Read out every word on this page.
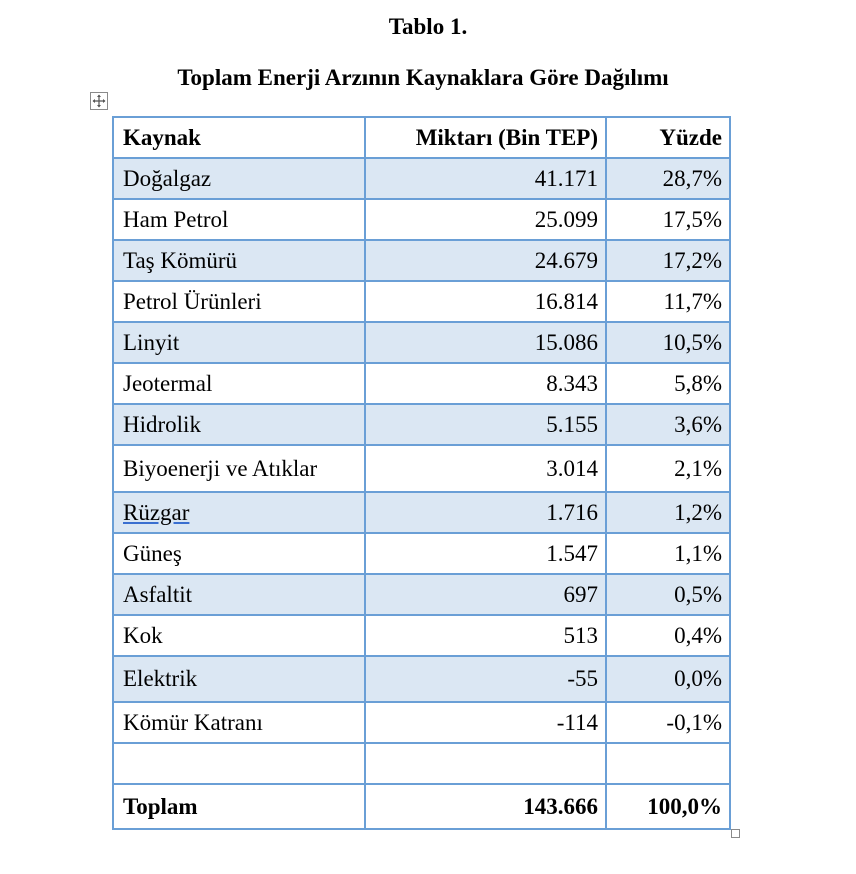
Tablo 1.
Toplam Enerji Arzının Kaynaklara Göre Dağılımı
Kaynak	Miktarı (Bin TEP)	Yüzde
Doğalgaz	41.171	28,7%
Ham Petrol	25.099	17,5%
Taş Kömürü	24.679	17,2%
Petrol Ürünleri	16.814	11,7%
Linyit	15.086	10,5%
Jeotermal	8.343	5,8%
Hidrolik	5.155	3,6%
Biyoenerji ve Atıklar	3.014	2,1%
Rüzgar	1.716	1,2%
Güneş	1.547	1,1%
Asfaltit	697	0,5%
Kok	513	0,4%
Elektrik	-55	0,0%
Kömür Katranı	-114	-0,1%

Toplam	143.666	100,0%
